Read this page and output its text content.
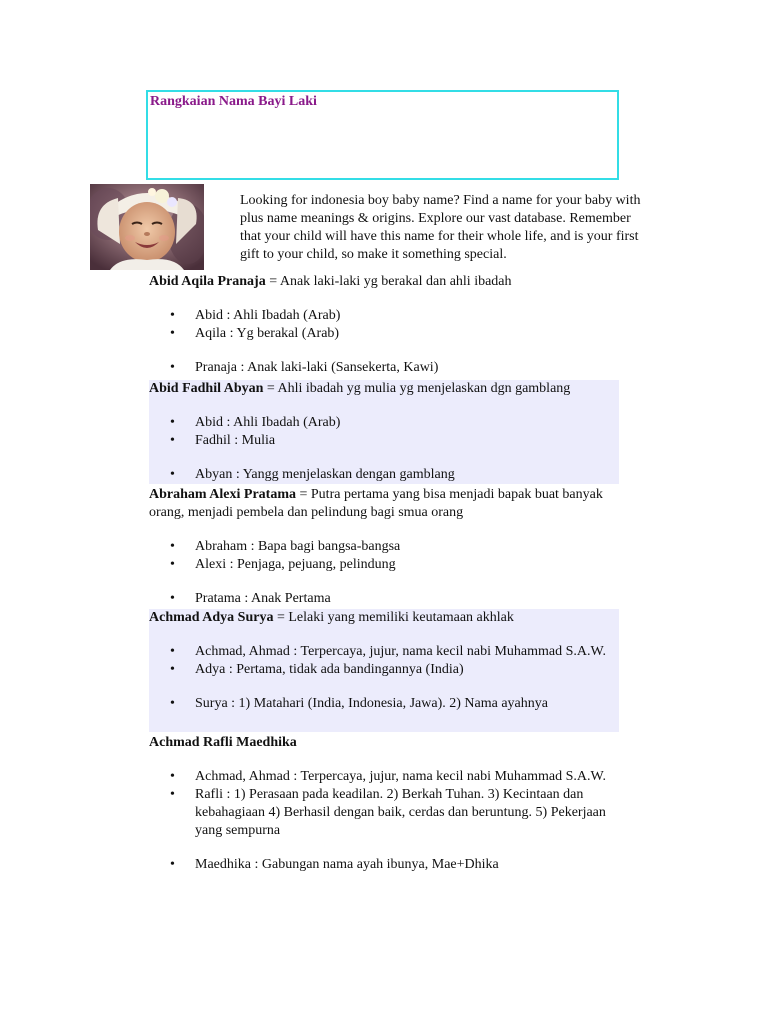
Rangkaian Nama Bayi Laki
Looking for indonesia boy baby name? Find a name for your baby with plus name meanings & origins. Explore our vast database. Remember that your child will have this name for their whole life, and is your first gift to your child, so make it something special.

Abid Aqila Pranaja = Anak laki-laki yg berakal dan ahli ibadah

• Abid : Ahli Ibadah (Arab)
• Aqila : Yg berakal (Arab)
• Pranaja : Anak laki-laki (Sansekerta, Kawi)

Abid Fadhil Abyan = Ahli ibadah yg mulia yg menjelaskan dgn gamblang

• Abid : Ahli Ibadah (Arab)
• Fadhil : Mulia
• Abyan : Yangg menjelaskan dengan gamblang

Abraham Alexi Pratama = Putra pertama yang bisa menjadi bapak buat banyak orang, menjadi pembela dan pelindung bagi smua orang

• Abraham : Bapa bagi bangsa-bangsa
• Alexi : Penjaga, pejuang, pelindung
• Pratama : Anak Pertama

Achmad Adya Surya = Lelaki yang memiliki keutamaan akhlak

• Achmad, Ahmad : Terpercaya, jujur, nama kecil nabi Muhammad S.A.W.
• Adya : Pertama, tidak ada bandingannya (India)
• Surya : 1) Matahari (India, Indonesia, Jawa). 2) Nama ayahnya

Achmad Rafli Maedhika

• Achmad, Ahmad : Terpercaya, jujur, nama kecil nabi Muhammad S.A.W.
• Rafli : 1) Perasaan pada keadilan. 2) Berkah Tuhan. 3) Kecintaan dan kebahagiaan 4) Berhasil dengan baik, cerdas dan beruntung. 5) Pekerjaan yang sempurna
• Maedhika : Gabungan nama ayah ibunya, Mae+Dhika
